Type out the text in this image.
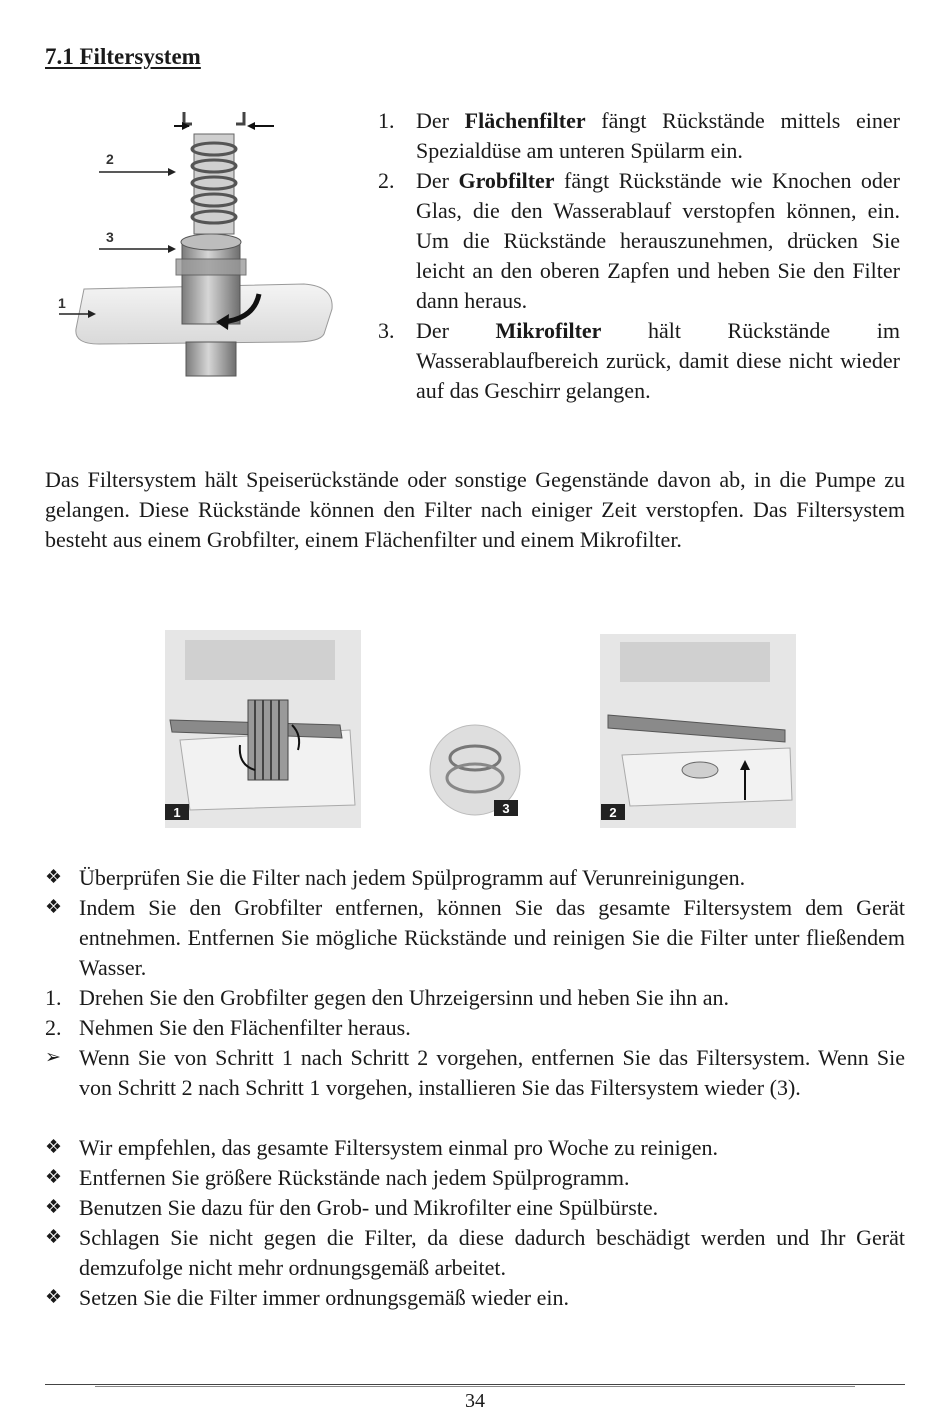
7.1 Filtersystem
2
3
1
1. Der Flächenfilter fängt Rückstände mittels einer Spezialdüse am unteren Spülarm ein.
2. Der Grobfilter fängt Rückstände wie Knochen oder Glas, die den Wasserablauf verstopfen können, ein. Um die Rückstände herauszunehmen, drücken Sie leicht an den oberen Zapfen und heben Sie den Filter dann heraus.
3. Der Mikrofilter hält Rückstände im Wasserablaufbereich zurück, damit diese nicht wieder auf das Geschirr gelangen.

Das Filtersystem hält Speiserückstände oder sonstige Gegenstände davon ab, in die Pumpe zu gelangen. Diese Rückstände können den Filter nach einiger Zeit verstopfen. Das Filtersystem besteht aus einem Grobfilter, einem Flächenfilter und einem Mikrofilter.

1	3	2
❖ Überprüfen Sie die Filter nach jedem Spülprogramm auf Verunreinigungen.
❖ Indem Sie den Grobfilter entfernen, können Sie das gesamte Filtersystem dem Gerät entnehmen. Entfernen Sie mögliche Rückstände und reinigen Sie die Filter unter fließendem Wasser.
1. Drehen Sie den Grobfilter gegen den Uhrzeigersinn und heben Sie ihn an.
2. Nehmen Sie den Flächenfilter heraus.
➢ Wenn Sie von Schritt 1 nach Schritt 2 vorgehen, entfernen Sie das Filtersystem. Wenn Sie von Schritt 2 nach Schritt 1 vorgehen, installieren Sie das Filtersystem wieder (3).
❖ Wir empfehlen, das gesamte Filtersystem einmal pro Woche zu reinigen.
❖ Entfernen Sie größere Rückstände nach jedem Spülprogramm.
❖ Benutzen Sie dazu für den Grob- und Mikrofilter eine Spülbürste.
❖ Schlagen Sie nicht gegen die Filter, da diese dadurch beschädigt werden und Ihr Gerät demzufolge nicht mehr ordnungsgemäß arbeitet.
❖ Setzen Sie die Filter immer ordnungsgemäß wieder ein.
34
